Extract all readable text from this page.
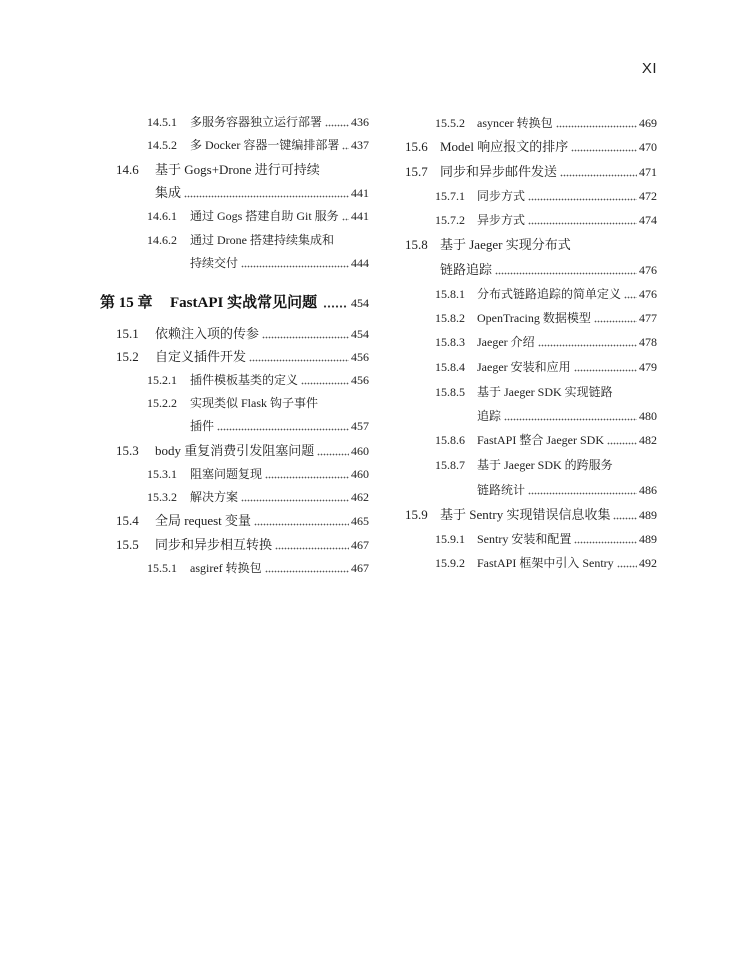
XI
14.5.1	多服务容器独立运行部署 436
14.5.2	多 Docker 容器一键编排部署 437
14.6	基于 Gogs+Drone 进行可持续
集成	441
14.6.1	通过 Gogs 搭建自助 Git 服务 441
14.6.2	通过 Drone 搭建持续集成和
持续交付	444
第 15 章	FastAPI 实战常见问题	454
15.1	依赖注入项的传参	454
15.2	自定义插件开发	456
15.2.1	插件模板基类的定义	456
15.2.2	实现类似 Flask 钩子事件
插件	457
15.3	body 重复消费引发阻塞问题	460
15.3.1	阻塞问题复现	460
15.3.2	解决方案	462
15.4	全局 request 变量	465
15.5	同步和异步相互转换	467
15.5.1	asgiref 转换包	467
15.5.2	asyncer 转换包	469
15.6 Model 响应报文的排序	470
15.7 同步和异步邮件发送	471
15.7.1	同步方式	472
15.7.2	异步方式	474
15.8 基于 Jaeger 实现分布式
链路追踪	476
15.8.1	分布式链路追踪的简单定义 476
15.8.2	OpenTracing 数据模型	477
15.8.3	Jaeger 介绍	478
15.8.4	Jaeger 安装和应用	479
15.8.5	基于 Jaeger SDK 实现链路
追踪	480
15.8.6	FastAPI 整合 Jaeger SDK	482
15.8.7	基于 Jaeger SDK 的跨服务
链路统计	486
15.9 基于 Sentry 实现错误信息收集 489
15.9.1	Sentry 安装和配置	489
15.9.2	FastAPI 框架中引入 Sentry 492
